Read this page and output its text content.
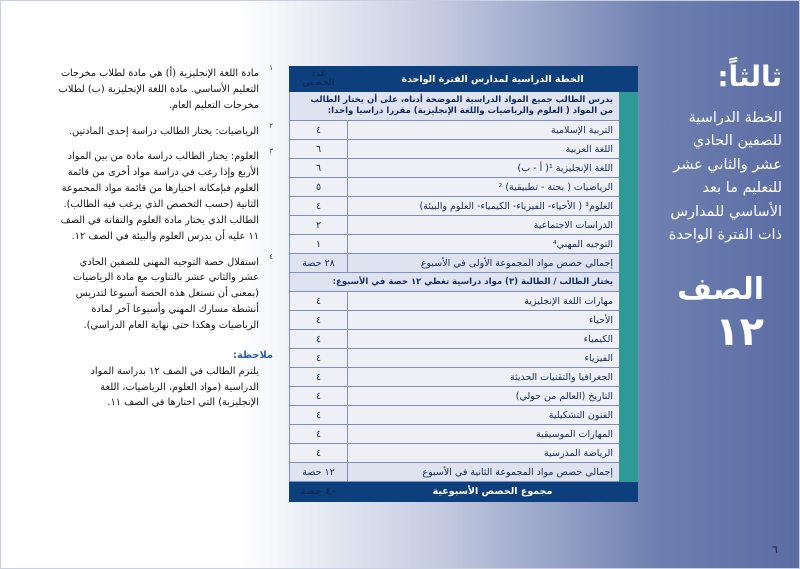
ثالثاً:
الخطة الدراسية للصفين الحادي عشر والثاني عشر للتعليم ما بعد الأساسي للمدارس ذات الفترة الواحدة
الصف
١٢
الخطة الدراسية لمدارس الفترة الواحدة		عدد الحصص
	يدرس الطالب جميع المواد الدراسية الموضحة أدناه، على أن يختار الطالب من المواد ( العلوم والرياضيات واللغة الإنجليزية) مقررا دراسيا واحدا:	
	التربية الإسلامية	٤
	اللغة العربية	٦
	اللغة الإنجليزية ¹( أ - ب)	٦
	الرياضيات ( بحتة - تطبيقية) ²	٥
	العلوم³ ( الأحياء- الفيزياء- الكيمياء- العلوم والبيئة)	٤
	الدراسات الاجتماعية	٢
	التوجيه المهني⁴	١
	إجمالي حصص مواد المجموعة الأولى في الأسبوع	٢٨ حصة
	يختار الطالب / الطالبة (٣) مواد دراسية تغطي ١٢ حصة في الأسبوع:	
	مهارات اللغة الإنجليزية	٤
	الأحياء	٤
	الكيمياء	٤
	الفيزياء	٤
	الجغرافيا والتقنيات الحديثة	٤
	التاريخ (العالم من حولي)	٤
	الفنون التشكيلية	٤
	المهارات الموسيقية	٤
	الرياضة المدرسية	٤
	إجمالي حصص مواد المجموعة الثانية في الأسبوع	١٢ حصة
مجموع الحصص الأسبوعية		٤٠ حصة
١

مادة اللغة الإنجليزية (أ) هي مادة لطلاب مخرجات التعليم الأساسي. مادة اللغة الإنجليزية (ب) لطلاب مخرجات التعليم العام.

٢

الرياضيات: يختار الطالب دراسة إحدى المادتين.

٣

العلوم: يختار الطالب دراسة مادة من بين المواد الأربع وإذا رغب في دراسة مواد أخرى من قائمة العلوم فبإمكانه اختيارها من قائمة مواد المجموعة الثانية (حسب التخصص الذي يرغب فيه الطالب). الطالب الذي يختار مادة العلوم والتقانة في الصف ١١ عليه أن يدرس العلوم والبيئة في الصف ١٢.

٤

استقلال حصة التوجيه المهني للصفين الحادي عشر والثاني عشر بالتناوب مع مادة الرياضيات (بمعنى أن تستغل هذه الحصة أسبوعا لتدريس أنشطة مسارك المهني وأسبوعا آخر لمادة الرياضيات وهكذا حتى نهاية العام الدراسي).

ملاحظة:

يلتزم الطالب في الصف ١٢ بدراسة المواد الدراسية (مواد العلوم، الرياضيات، اللغة الإنجليزية) التي اختارها في الصف ١١.

٦
